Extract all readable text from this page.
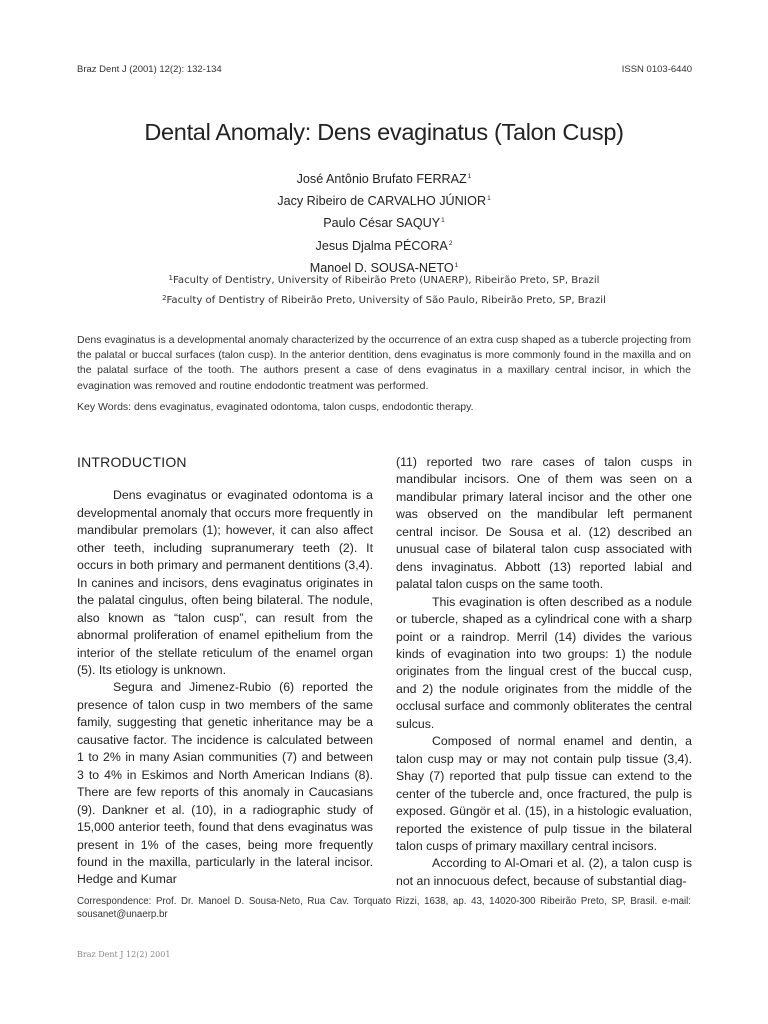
Braz Dent J (2001) 12(2): 132-134	ISSN 0103-6440
Dental Anomaly: Dens evaginatus (Talon Cusp)
José Antônio Brufato FERRAZ$^1$
Jacy Ribeiro de CARVALHO JÚNIOR$^1$
Paulo César SAQUY$^1$
Jesus Djalma PÉCORA$^2$
Manoel D. SOUSA-NETO$^1$
$^1$Faculty of Dentistry, University of Ribeirão Preto (UNAERP), Ribeirão Preto, SP, Brazil
$^2$Faculty of Dentistry of Ribeirão Preto, University of São Paulo, Ribeirão Preto, SP, Brazil
Dens evaginatus is a developmental anomaly characterized by the occurrence of an extra cusp shaped as a tubercle projecting from the palatal or buccal surfaces (talon cusp). In the anterior dentition, dens evaginatus is more commonly found in the maxilla and on the palatal surface of the tooth. The authors present a case of dens evaginatus in a maxillary central incisor, in which the evagination was removed and routine endodontic treatment was performed.
Key Words: dens evaginatus, evaginated odontoma, talon cusps, endodontic therapy.
INTRODUCTION

Dens evaginatus or evaginated odontoma is a developmental anomaly that occurs more frequently in mandibular premolars (1); however, it can also affect other teeth, including supranumerary teeth (2). It occurs in both primary and permanent dentitions (3,4). In canines and incisors, dens evaginatus originates in the palatal cingulus, often being bilateral. The nodule, also known as “talon cusp”, can result from the abnormal proliferation of enamel epithelium from the interior of the stellate reticulum of the enamel organ (5). Its etiology is unknown.

Segura and Jimenez-Rubio (6) reported the presence of talon cusp in two members of the same family, suggesting that genetic inheritance may be a causative factor. The incidence is calculated between 1 to 2% in many Asian communities (7) and between 3 to 4% in Eskimos and North American Indians (8). There are few reports of this anomaly in Caucasians (9). Dankner et al. (10), in a radiographic study of 15,000 anterior teeth, found that dens evaginatus was present in 1% of the cases, being more frequently found in the maxilla, particularly in the lateral incisor. Hedge and Kumar

(11) reported two rare cases of talon cusps in mandibular incisors. One of them was seen on a mandibular primary lateral incisor and the other one was observed on the mandibular left permanent central incisor. De Sousa et al. (12) described an unusual case of bilateral talon cusp associated with dens invaginatus. Abbott (13) reported labial and palatal talon cusps on the same tooth.

This evagination is often described as a nodule or tubercle, shaped as a cylindrical cone with a sharp point or a raindrop. Merril (14) divides the various kinds of evagination into two groups: 1) the nodule originates from the lingual crest of the buccal cusp, and 2) the nodule originates from the middle of the occlusal surface and commonly obliterates the central sulcus.

Composed of normal enamel and dentin, a talon cusp may or may not contain pulp tissue (3,4). Shay (7) reported that pulp tissue can extend to the center of the tubercle and, once fractured, the pulp is exposed. Güngör et al. (15), in a histologic evaluation, reported the existence of pulp tissue in the bilateral talon cusps of primary maxillary central incisors.

According to Al-Omari et al. (2), a talon cusp is not an innocuous defect, because of substantial diag-

Correspondence: Prof. Dr. Manoel D. Sousa-Neto, Rua Cav. Torquato Rizzi, 1638, ap. 43, 14020-300 Ribeirão Preto, SP, Brasil. e-mail: sousanet@unaerp.br
Braz Dent J 12(2) 2001
